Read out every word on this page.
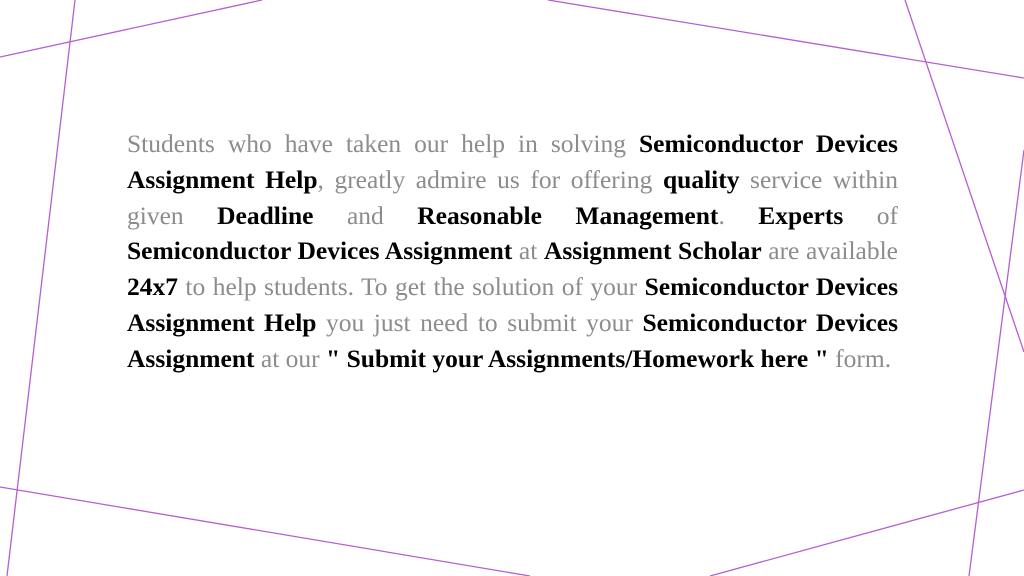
Students who have taken our help in solving Semiconductor Devices Assignment Help, greatly admire us for offering quality service within given Deadline and Reasonable Management. Experts of Semiconductor Devices Assignment at Assignment Scholar are available 24x7 to help students. To get the solution of your Semiconductor Devices Assignment Help you just need to submit your Semiconductor Devices Assignment at our " Submit your Assignments/Homework here " form.
